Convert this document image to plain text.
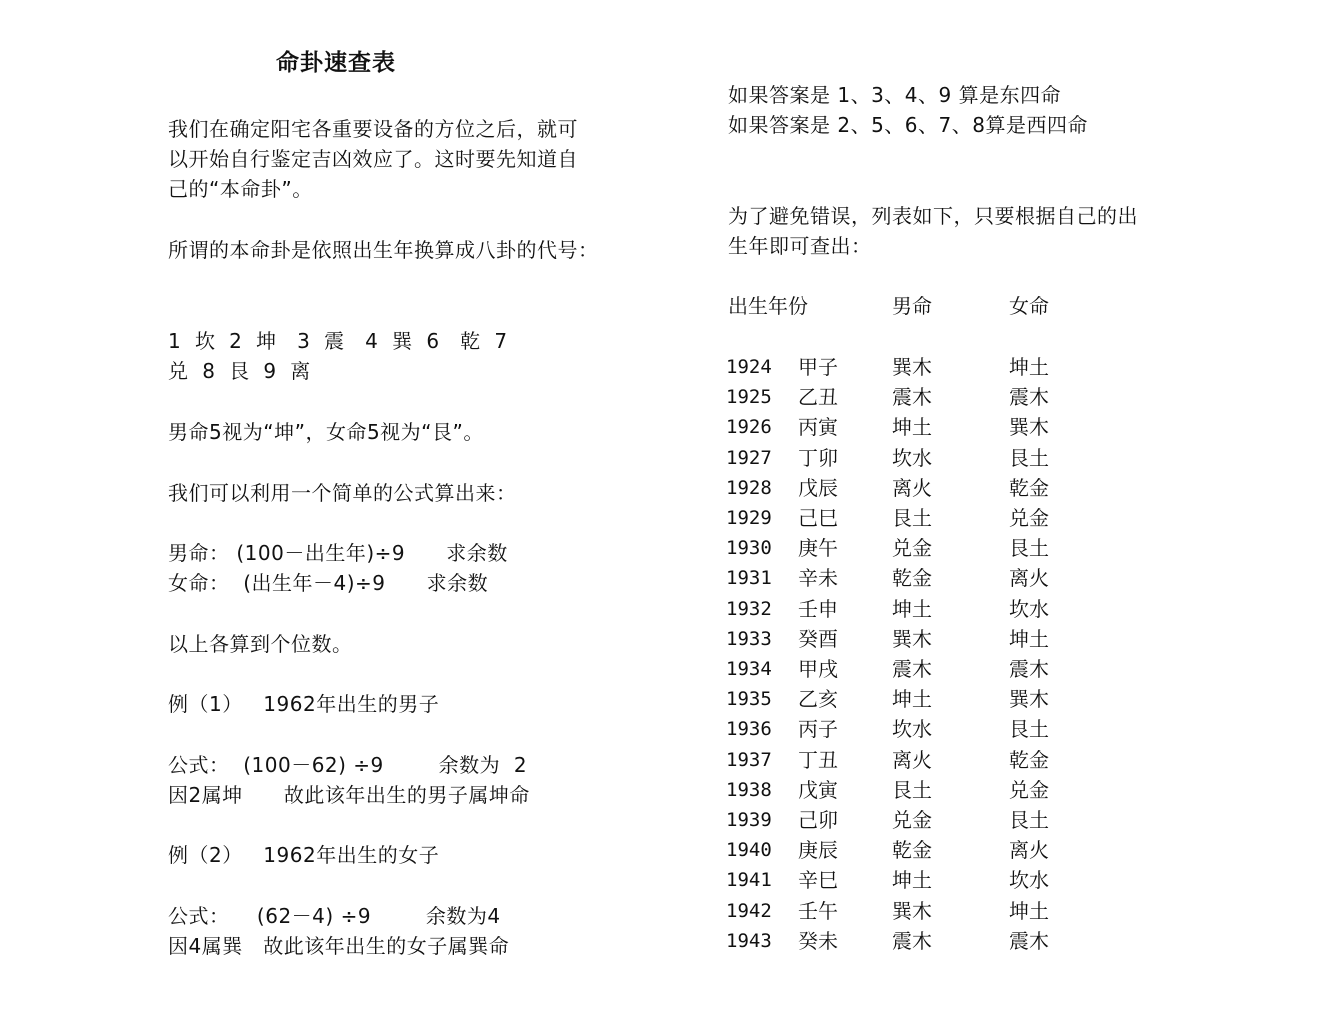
命卦速查表
我们在确定阳宅各重要设备的方位之后，就可
以开始自行鉴定吉凶效应了。这时要先知道自
己的“本命卦”。
所谓的本命卦是依照出生年换算成八卦的代号：
1  坎  2  坤   3  震   4  巽  6   乾  7
兑  8  艮  9  离
男命5视为“坤”，女命5视为“艮”。
我们可以利用一个简单的公式算出来：
男命： (100－出生年)÷9      求余数
女命：  (出生年－4)÷9      求余数
以上各算到个位数。
例（1）   1962年出生的男子
公式：  (100－62) ÷9        余数为  2
因2属坤      故此该年出生的男子属坤命
例（2）   1962年出生的女子
公式：    (62－4) ÷9        余数为4
因4属巽   故此该年出生的女子属巽命
如果答案是 1、3、4、9 算是东四命
如果答案是 2、5、6、7、8算是西四命
为了避免错误，列表如下，只要根据自己的出
生年即可查出：
出生年份	男命	女命
1924 甲子	巽木	坤土
1925 乙丑	震木	震木
1926 丙寅	坤土	巽木
1927 丁卯	坎水	艮土
1928 戊辰	离火	乾金
1929 己巳	艮土	兑金
1930 庚午	兑金	艮土
1931 辛未	乾金	离火
1932 壬申	坤土	坎水
1933 癸酉	巽木	坤土
1934 甲戌	震木	震木
1935 乙亥	坤土	巽木
1936 丙子	坎水	艮土
1937 丁丑	离火	乾金
1938 戊寅	艮土	兑金
1939 己卯	兑金	艮土
1940 庚辰	乾金	离火
1941 辛巳	坤土	坎水
1942 壬午	巽木	坤土
1943 癸未	震木	震木
